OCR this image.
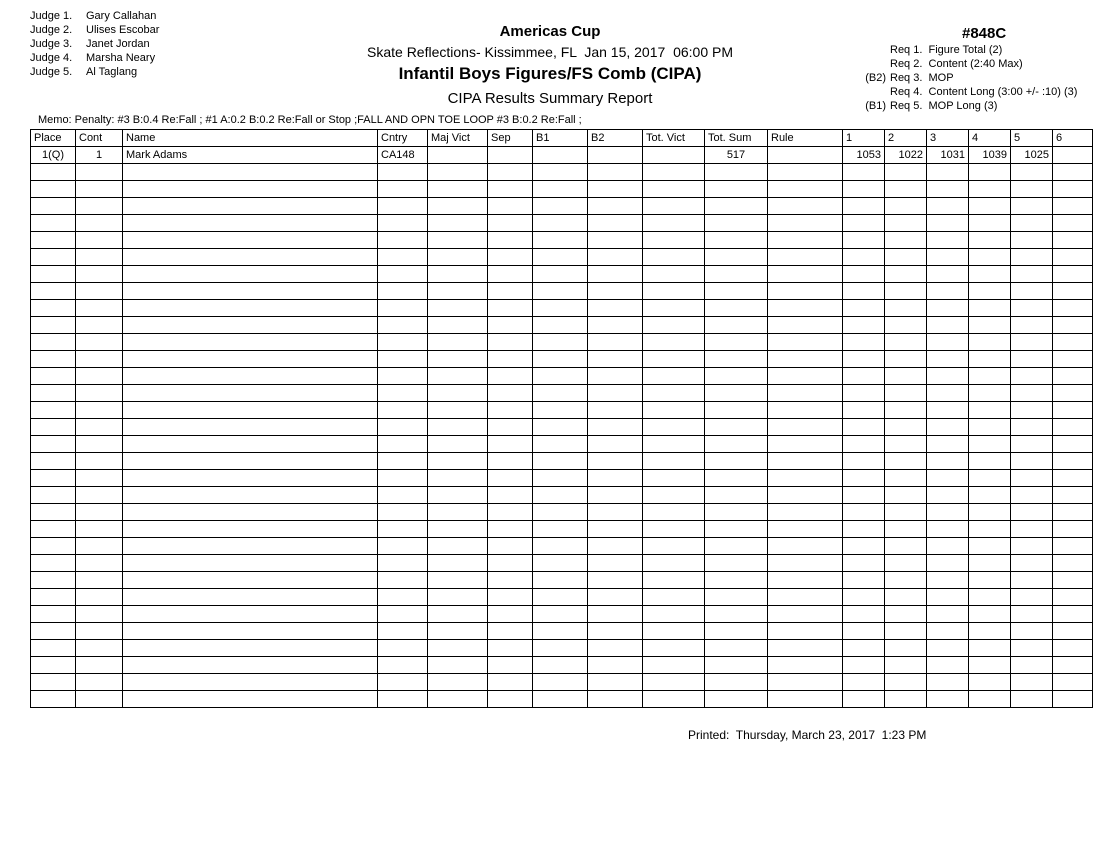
Judge 1. Gary Callahan
Judge 2. Ulises Escobar
Judge 3. Janet Jordan
Judge 4. Marsha Neary
Judge 5. Al Taglang
Americas Cup
Skate Reflections- Kissimmee, FL  Jan 15, 2017  06:00 PM
Infantil Boys Figures/FS Comb (CIPA)
CIPA Results Summary Report
#848C
Req 1.  Figure Total (2)
Req 2.  Content (2:40 Max)
(B2) Req 3.  MOP
Req 4.  Content Long (3:00 +/- :10) (3)
(B1) Req 5.  MOP Long (3)
Memo: Penalty: #3 B:0.4 Re:Fall ; #1 A:0.2 B:0.2 Re:Fall or Stop ;FALL AND OPN TOE LOOP #3 B:0.2 Re:Fall ;
Place	Cont	Name	Cntry	Maj Vict	Sep	B1	B2	Tot. Vict	Tot. Sum	Rule	1	2	3	4	5	6	
1(Q)	1	Mark Adams	CA148						517		1053	1022	1031	1039	1025		

Printed:  Thursday, March 23, 2017  1:23 PM
